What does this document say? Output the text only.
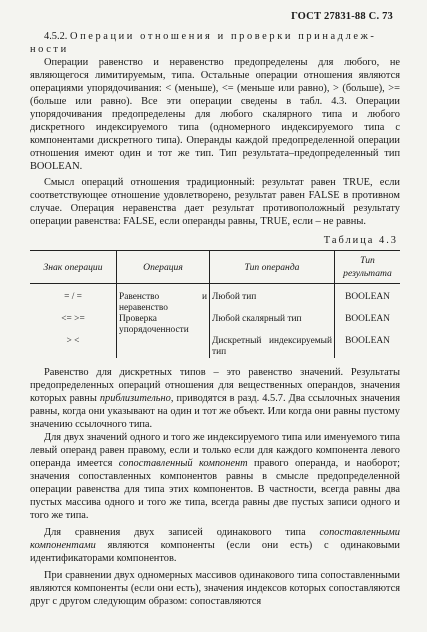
ГОСТ 27831-88 С. 73

4.5.2. Операции отношения и проверки принадлеж-

ности

Операции равенство и неравенство предопределены для любого, не являющегося лимитируемым, типа. Остальные операции отношения являются операциями упорядочивания: < (меньше), <= (меньше или равно), > (больше), >= (больше или равно). Все эти операции сведены в табл. 4.3. Операции упорядочивания предопределены для любого скалярного типа и любого дискретного индексируемого типа (одномерного индексируемого типа с компонентами дискретного типа). Операнды каждой предопределенной операции отношения имеют один и тот же тип. Тип результата–предопределенный тип BOOLEAN.

Смысл операций отношения традиционный: результат равен TRUE, если соответствующее отношение удовлетворено, результат равен FALSE в противном случае. Операция неравенства дает результат противоположный результату операции равенства: FALSE, если операнды равны, TRUE, если – не равны.

Таблица 4.3
Знак операции	Операция	Тип операнда	Тип результата
= / =	Равенство и неравенство	Любой тип	BOOLEAN
<= >=	Проверка упорядоченности	Любой скалярный тип	BOOLEAN
> <		Дискретный индексируемый тип	BOOLEAN

Равенство для дискретных типов – это равенство значений. Результаты предопределенных операций отношения для вещественных операндов, значения которых равны приблизительно, приводятся в разд. 4.5.7. Два ссылочных значения равны, когда они указывают на один и тот же объект. Или когда они равны пустому значению ссылочного типа.

Для двух значений одного и того же индексируемого типа или именуемого типа левый операнд равен правому, если и только если для каждого компонента левого операнда имеется сопоставленный компонент правого операнда, и наоборот; значения сопоставленных компонентов равны в смысле предопределенной операции равенства для типа этих компонентов. В частности, всегда равны два пустых массива одного и того же типа, всегда равны две пустых записи одного и того же типа.

Для сравнения двух записей одинакового типа сопоставленными компонентами являются компоненты (если они есть) с одинаковыми идентификаторами компонентов.

При сравнении двух одномерных массивов одинакового типа сопоставленными являются компоненты (если они есть), значения индексов которых сопоставляются друг с другом следующим образом: сопоставляются
